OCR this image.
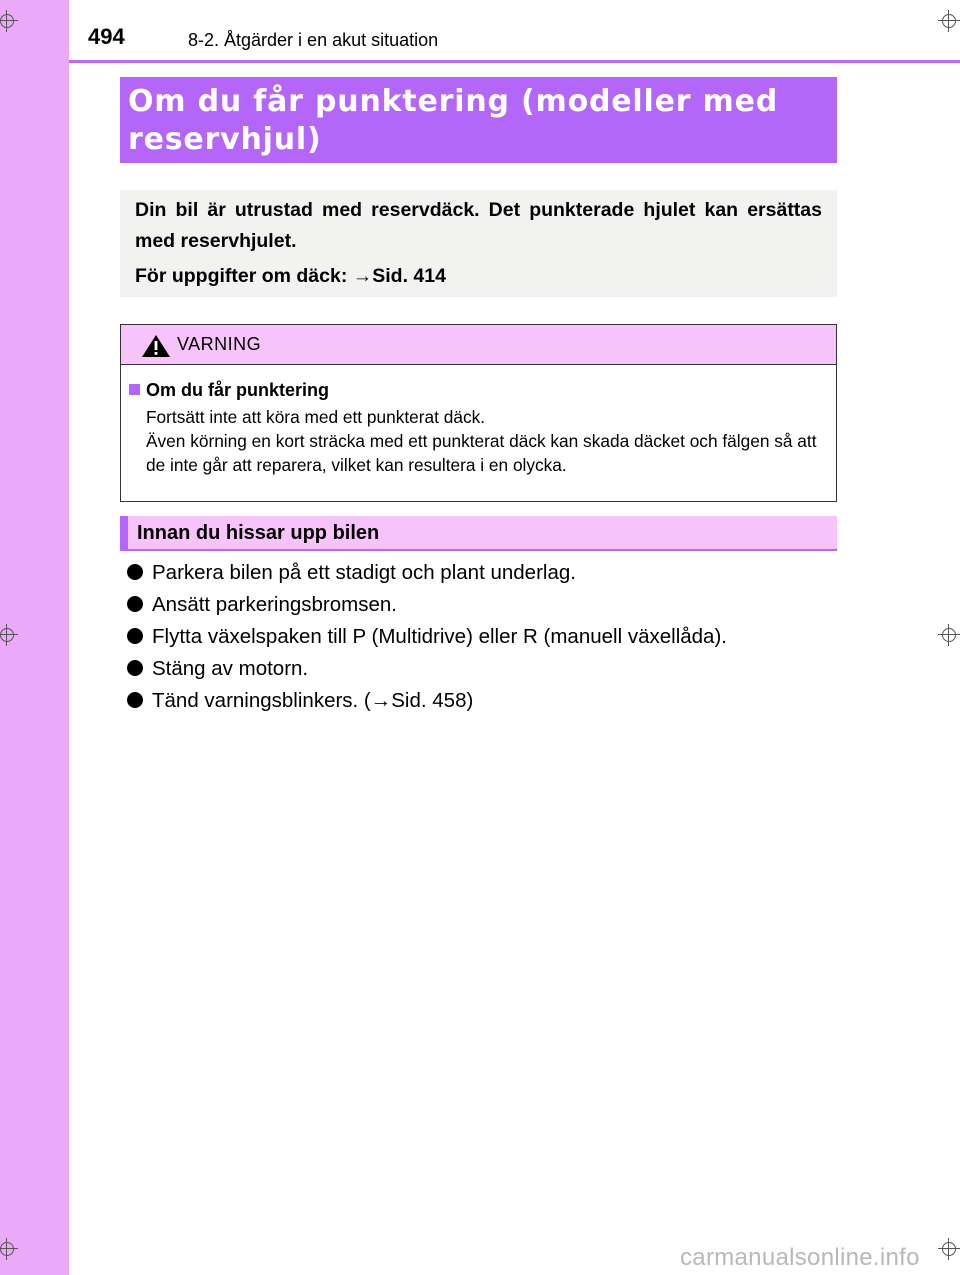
494	8-2. Åtgärder i en akut situation
Om du får punktering (modeller med
reservhjul)

Din bil är utrustad med reservdäck. Det punkterade hjulet kan ersättas med reservhjulet.

För uppgifter om däck: →Sid. 414

VARNING
Om du får punktering
Fortsätt inte att köra med ett punkterat däck.
Även körning en kort sträcka med ett punkterat däck kan skada däcket och fälgen så att de inte går att reparera, vilket kan resultera i en olycka.
Innan du hissar upp bilen
Parkera bilen på ett stadigt och plant underlag.
Ansätt parkeringsbromsen.
Flytta växelspaken till P (Multidrive) eller R (manuell växellåda).
Stäng av motorn.
Tänd varningsblinkers. (→Sid. 458)
carmanualsonline.info
